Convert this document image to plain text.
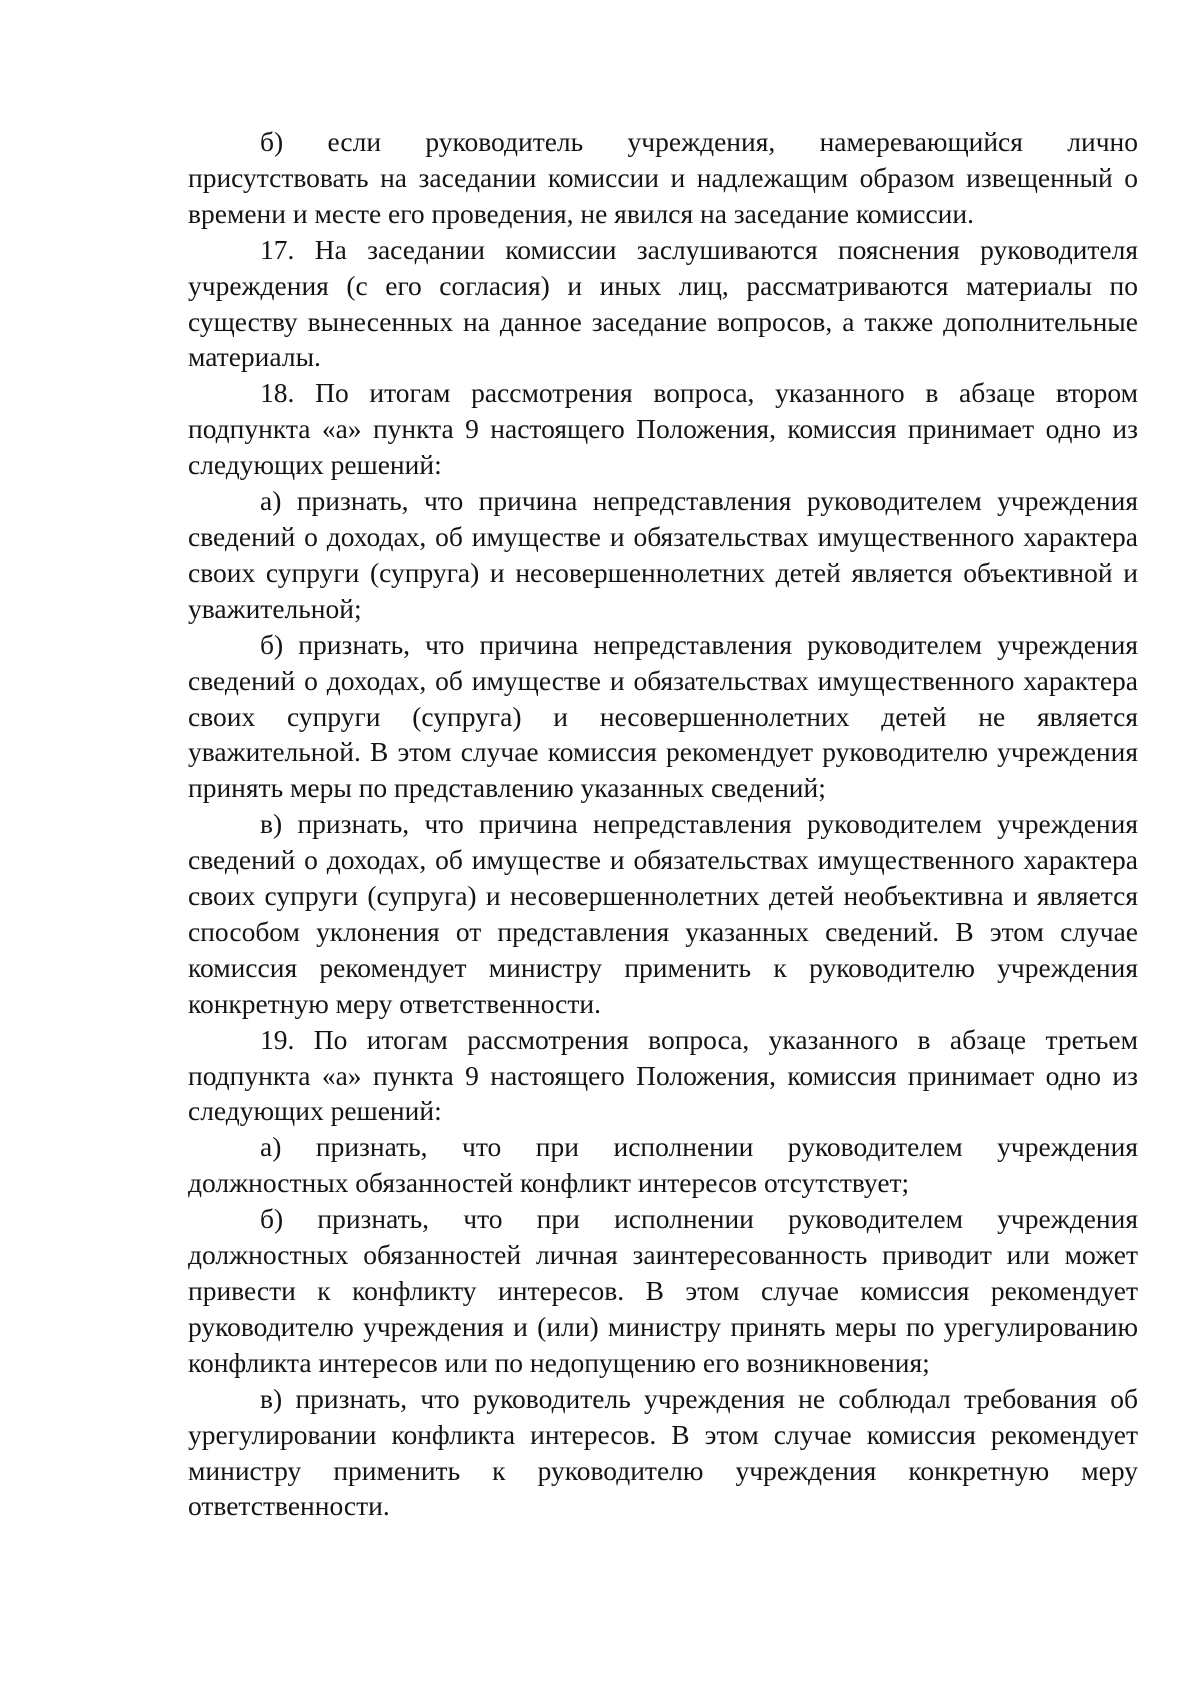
б) если руководитель учреждения, намеревающийся лично присутствовать на заседании комиссии и надлежащим образом извещенный о времени и месте его проведения, не явился на заседание комиссии.

17. На заседании комиссии заслушиваются пояснения руководителя учреждения (с его согласия) и иных лиц, рассматриваются материалы по существу вынесенных на данное заседание вопросов, а также дополнительные материалы.

18. По итогам рассмотрения вопроса, указанного в абзаце втором подпункта «а» пункта 9 настоящего Положения, комиссия принимает одно из следующих решений:

а) признать, что причина непредставления руководителем учреждения сведений о доходах, об имуществе и обязательствах имущественного характера своих супруги (супруга) и несовершеннолетних детей является объективной и уважительной;

б) признать, что причина непредставления руководителем учреждения сведений о доходах, об имуществе и обязательствах имущественного характера своих супруги (супруга) и несовершеннолетних детей не является уважительной. В этом случае комиссия рекомендует руководителю учреждения принять меры по представлению указанных сведений;

в) признать, что причина непредставления руководителем учреждения сведений о доходах, об имуществе и обязательствах имущественного характера своих супруги (супруга) и несовершеннолетних детей необъективна и является способом уклонения от представления указанных сведений. В этом случае комиссия рекомендует министру применить к руководителю учреждения конкретную меру ответственности.

19. По итогам рассмотрения вопроса, указанного в абзаце третьем подпункта «а» пункта 9 настоящего Положения, комиссия принимает одно из следующих решений:

а) признать, что при исполнении руководителем учреждения должностных обязанностей конфликт интересов отсутствует;

б) признать, что при исполнении руководителем учреждения должностных обязанностей личная заинтересованность приводит или может привести к конфликту интересов. В этом случае комиссия рекомендует руководителю учреждения и (или) министру принять меры по урегулированию конфликта интересов или по недопущению его возникновения;

в) признать, что руководитель учреждения не соблюдал требования об урегулировании конфликта интересов. В этом случае комиссия рекомендует министру применить к руководителю учреждения конкретную меру ответственности.
